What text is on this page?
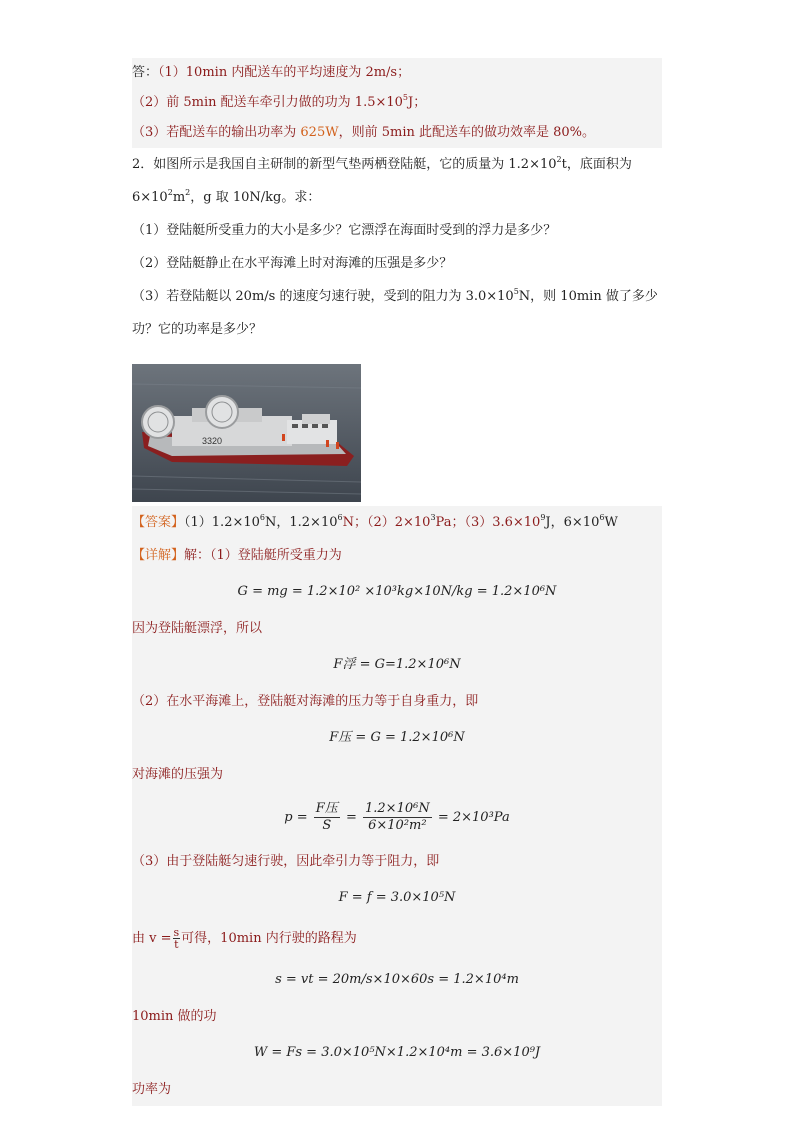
答：（1）10min 内配送车的平均速度为 2m/s；
（2）前 5min 配送车牵引力做的功为 $1.5\times 10^5J$；
（3）若配送车的输出功率为 625W，则前 5min 此配送车的做功效率是 80%。
2．如图所示是我国自主研制的新型气垫两栖登陆艇，它的质量为 $1.2\times 10^2t$，底面积为
$6\times 10^2m^2$，g 取 10N/kg。求：
（1）登陆艇所受重力的大小是多少？它漂浮在海面时受到的浮力是多少？
（2）登陆艇静止在水平海滩上时对海滩的压强是多少？
（3）若登陆艇以 20m/s 的速度匀速行驶，受到的阻力为 $3.0\times 10^5N$，则 10min 做了多少
功？它的功率是多少？
3320
【答案】$(1)1.2\times 10^6N$，$1.2\times 10^6N$；$(2)2\times 10^3Pa$；$(3)3.6\times 10^9J$，$6\times 10^6W$
【详解】解：（1）登陆艇所受重力为
G = mg = 1.2×10² ×10³kg×10N/kg = 1.2×10⁶N
因为登陆艇漂浮，所以
F浮 = G=1.2×10⁶N
（2）在水平海滩上，登陆艇对海滩的压力等于自身重力，即
F压 = G = 1.2×10⁶N
对海滩的压强为
$p = \frac{\text{F压}}{S} = \frac{\text{1.2×10⁶N}}{\text{6×10²m²}} = 2\times 10^3Pa$
（3）由于登陆艇匀速行驶，因此牵引力等于阻力，即
F = f = 3.0×10⁵N
由 $v = \frac{s}{t}$ 可得，10min 内行驶的路程为
s = vt = 20m/s×10×60s = 1.2×10⁴m
10min 做的功
W = Fs = 3.0×10⁵N×1.2×10⁴m = 3.6×10⁹J
功率为
